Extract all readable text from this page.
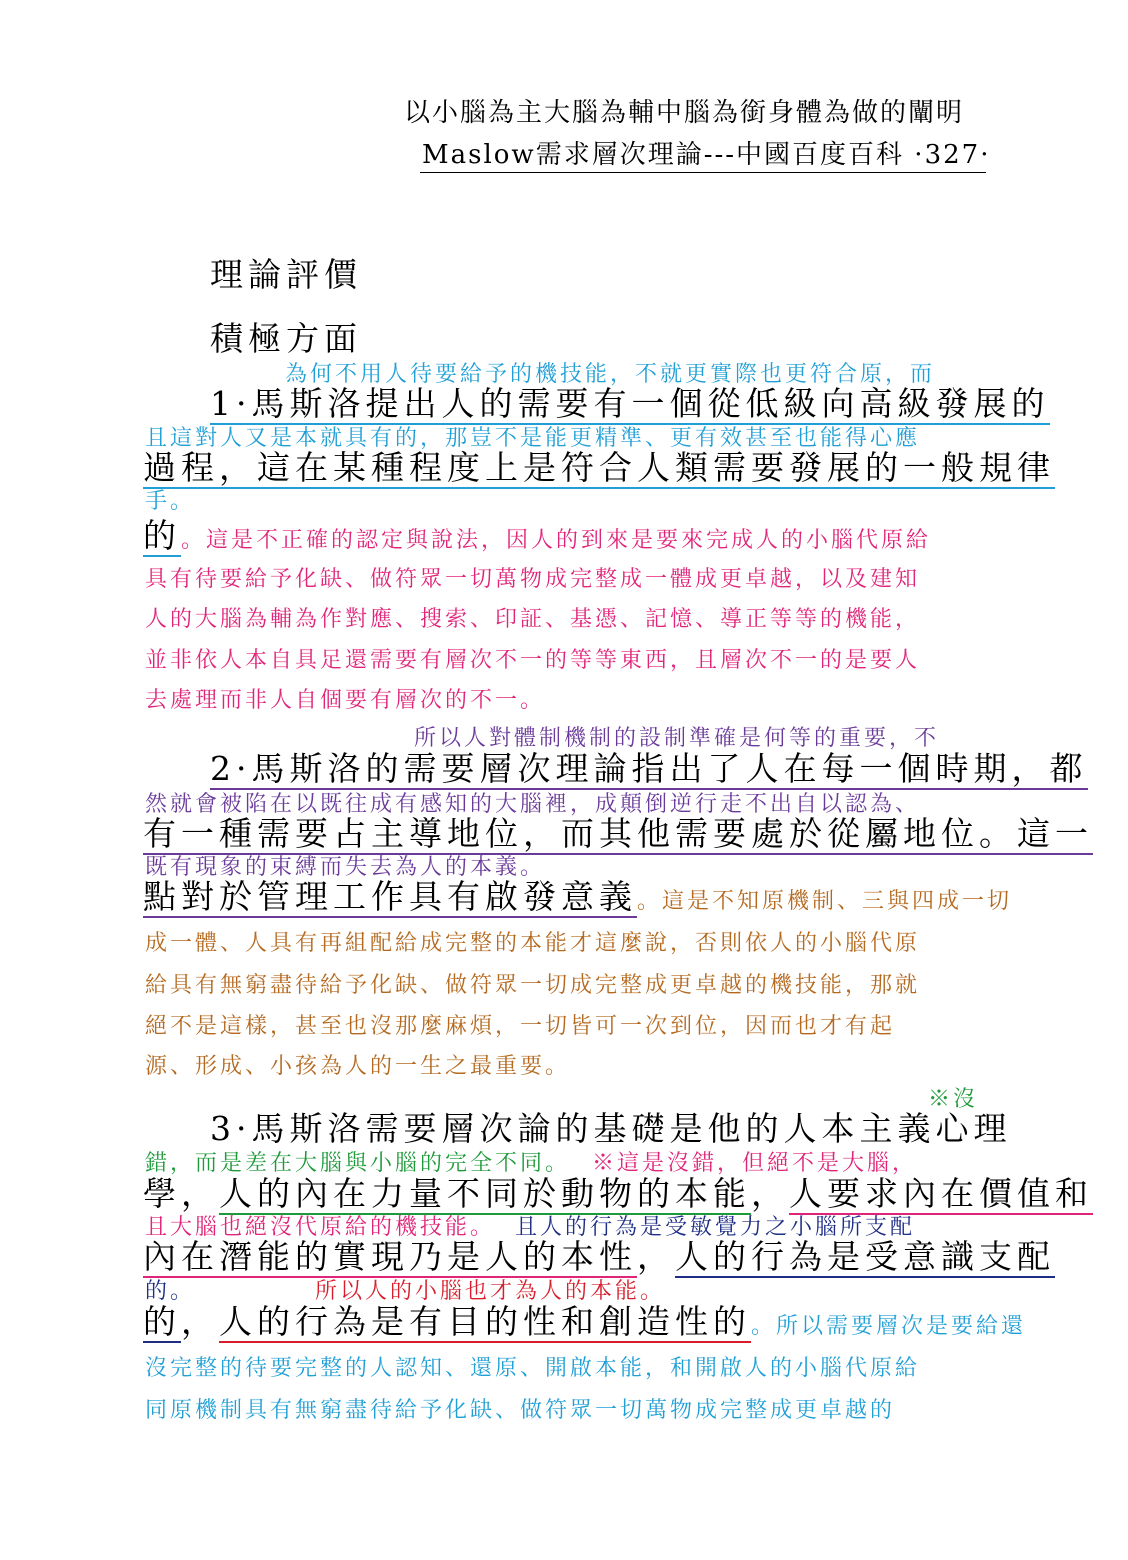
以小腦為主大腦為輔中腦為銜身體為做的闡明
Maslow需求層次理論---中國百度百科 ·327·
理論評價
積極方面
為何不用人待要給予的機技能，不就更實際也更符合原，而
1·馬斯洛提出人的需要有一個從低級向高級發展的
且這對人又是本就具有的，那豈不是能更精準、更有效甚至也能得心應
過程，這在某種程度上是符合人類需要發展的一般規律
手。
的。這是不正確的認定與說法，因人的到來是要來完成人的小腦代原給
具有待要給予化缺、做符眾一切萬物成完整成一體成更卓越，以及建知
人的大腦為輔為作對應、搜索、印証、基憑、記憶、導正等等的機能，
並非依人本自具足還需要有層次不一的等等東西，且層次不一的是要人
去處理而非人自個要有層次的不一。
所以人對體制機制的設制準確是何等的重要，不
2·馬斯洛的需要層次理論指出了人在每一個時期，都
然就會被陷在以既往成有感知的大腦裡，成顛倒逆行走不出自以認為、
有一種需要占主導地位，而其他需要處於從屬地位。這一
既有現象的束縛而失去為人的本義。
點對於管理工作具有啟發意義。這是不知原機制、三與四成一切
成一體、人具有再組配給成完整的本能才這麼說，否則依人的小腦代原
給具有無窮盡待給予化缺、做符眾一切成完整成更卓越的機技能，那就
絕不是這樣，甚至也沒那麼麻煩，一切皆可一次到位，因而也才有起
源、形成、小孩為人的一生之最重要。
※沒
3·馬斯洛需要層次論的基礎是他的人本主義心理
錯，而是差在大腦與小腦的完全不同。 ※這是沒錯，但絕不是大腦，
學，人的內在力量不同於動物的本能，人要求內在價值和
且大腦也絕沒代原給的機技能。 且人的行為是受敏覺力之小腦所支配
內在潛能的實現乃是人的本性，人的行為是受意識支配
的。	所以人的小腦也才為人的本能。
的，人的行為是有目的性和創造性的。所以需要層次是要給還
沒完整的待要完整的人認知、還原、開啟本能，和開啟人的小腦代原給
同原機制具有無窮盡待給予化缺、做符眾一切萬物成完整成更卓越的
